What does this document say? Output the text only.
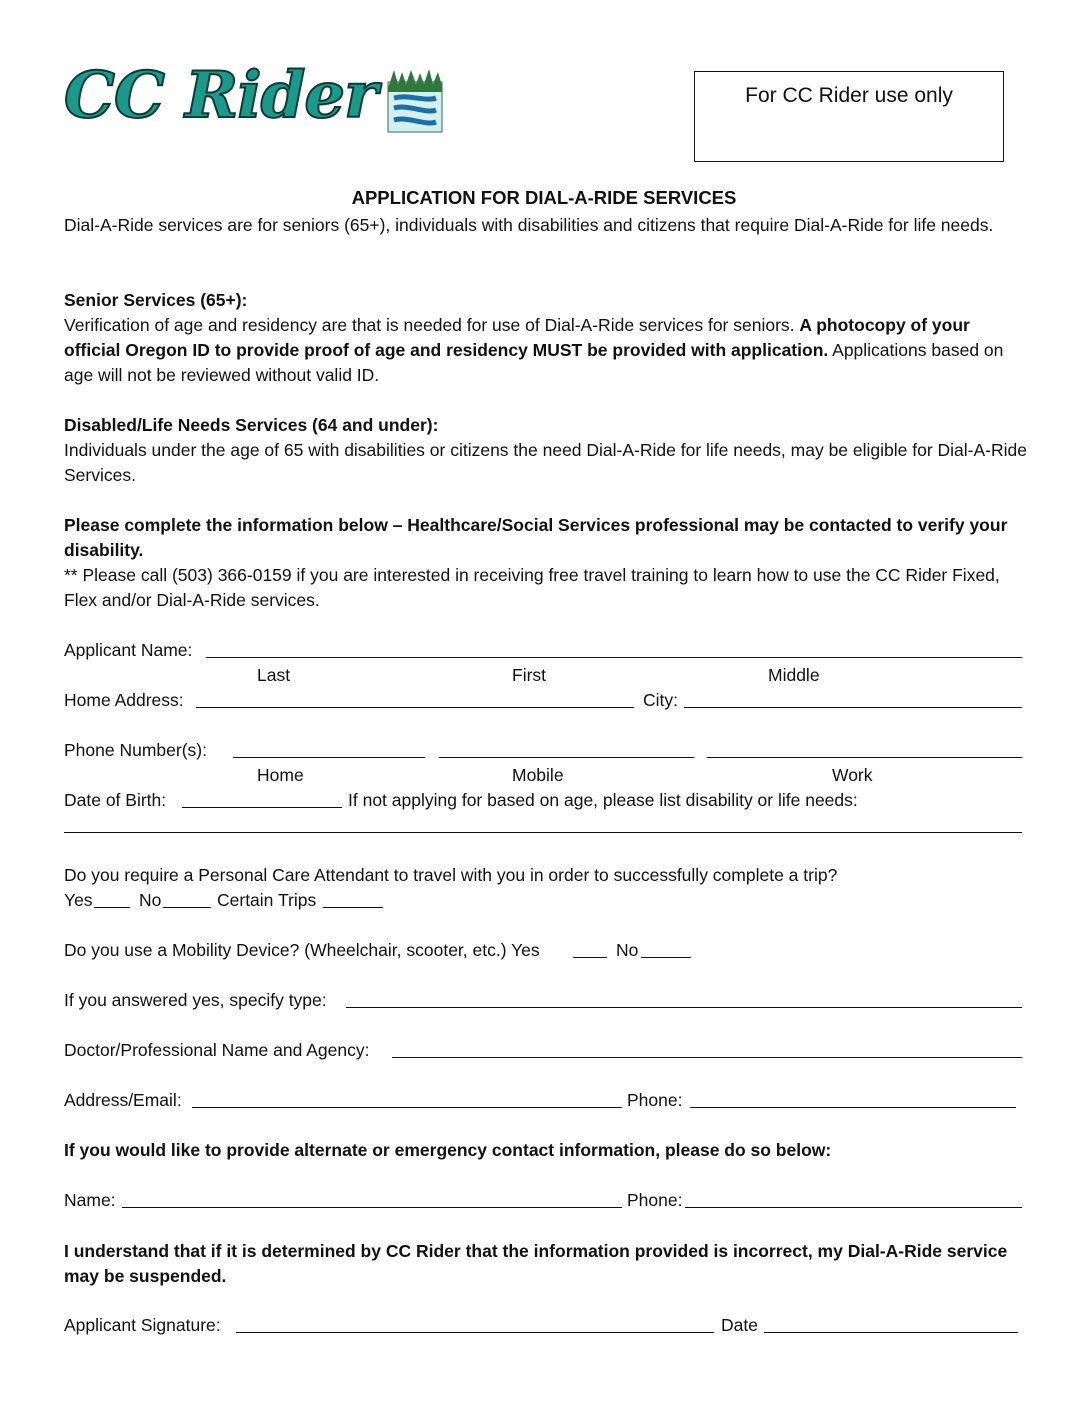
CC Rider	For CC Rider use only
APPLICATION FOR DIAL-A-RIDE SERVICES
Dial-A-Ride services are for seniors (65+), individuals with disabilities and citizens that require Dial-A-Ride for life needs.
Senior Services (65+):
Verification of age and residency are that is needed for use of Dial-A-Ride services for seniors. A photocopy of your official Oregon ID to provide proof of age and residency MUST be provided with application. Applications based on age will not be reviewed without valid ID.
Disabled/Life Needs Services (64 and under):
Individuals under the age of 65 with disabilities or citizens the need Dial-A-Ride for life needs, may be eligible for Dial-A-Ride Services.
Please complete the information below – Healthcare/Social Services professional may be contacted to verify your disability.
** Please call (503) 366-0159 if you are interested in receiving free travel training to learn how to use the CC Rider Fixed, Flex and/or Dial-A-Ride services.
Applicant Name:
Last	First	Middle
Home Address:	City:
Phone Number(s):
Home	Mobile	Work
Date of Birth:	If not applying for based on age, please list disability or life needs:
Do you require a Personal Care Attendant to travel with you in order to successfully complete a trip?
Yes	No	Certain Trips
Do you use a Mobility Device? (Wheelchair, scooter, etc.) Yes	No
If you answered yes, specify type:
Doctor/Professional Name and Agency:
Address/Email:	Phone:
If you would like to provide alternate or emergency contact information, please do so below:
Name:	Phone:
I understand that if it is determined by CC Rider that the information provided is incorrect, my Dial-A-Ride service may be suspended.
Applicant Signature:	Date
